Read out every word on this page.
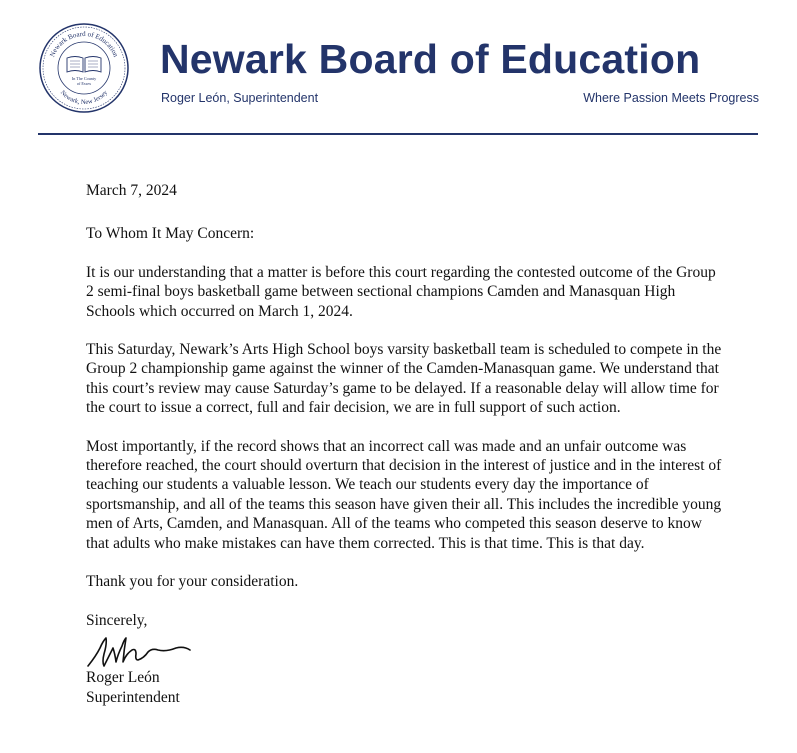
Newark Board of Education
Newark, New Jersey
In The County
of Essex
Newark Board of Education
Roger León, Superintendent	Where Passion Meets Progress

March 7, 2024

To Whom It May Concern:

It is our understanding that a matter is before this court regarding the contested outcome of the Group 2 semi-final boys basketball game between sectional champions Camden and Manasquan High Schools which occurred on March 1, 2024.

This Saturday, Newark’s Arts High School boys varsity basketball team is scheduled to compete in the Group 2 championship game against the winner of the Camden-Manasquan game. We understand that this court’s review may cause Saturday’s game to be delayed. If a reasonable delay will allow time for the court to issue a correct, full and fair decision, we are in full support of such action.

Most importantly, if the record shows that an incorrect call was made and an unfair outcome was therefore reached, the court should overturn that decision in the interest of justice and in the interest of teaching our students a valuable lesson. We teach our students every day the importance of sportsmanship, and all of the teams this season have given their all. This includes the incredible young men of Arts, Camden, and Manasquan. All of the teams who competed this season deserve to know that adults who make mistakes can have them corrected. This is that time. This is that day.

Thank you for your consideration.

Sincerely,

Roger León
Superintendent
